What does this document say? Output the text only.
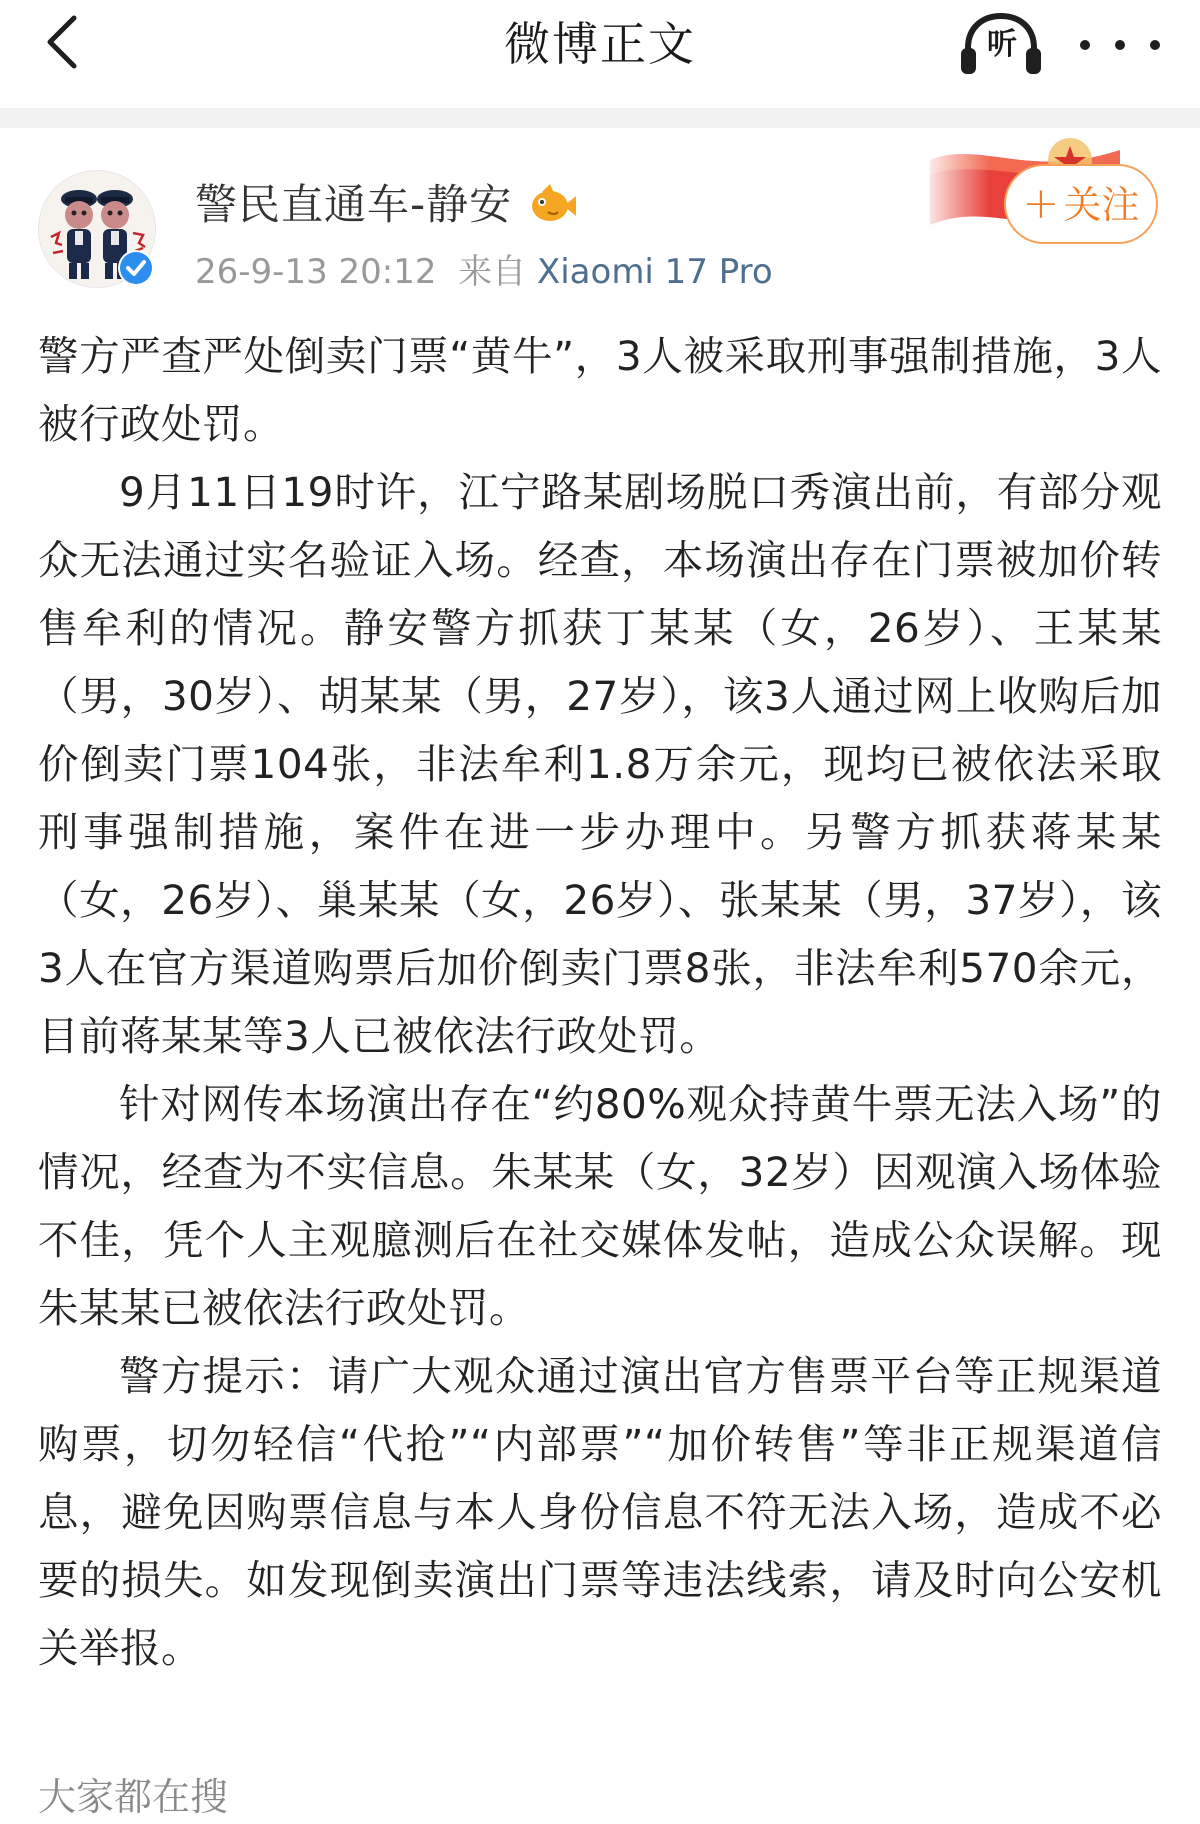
微博正文	听
警民直通车-静安
26-9-13 20:12 来自 Xiaomi 17 Pro
+ 关注

警方严查严处倒卖门票“黄牛”，3人被采取刑事强制措施，3人被行政处罚。

9月11日19时许，江宁路某剧场脱口秀演出前，有部分观众无法通过实名验证入场。经查，本场演出存在门票被加价转售牟利的情况。静安警方抓获丁某某（女，26岁）、王某某（男，30岁）、胡某某（男，27岁），该3人通过网上收购后加价倒卖门票104张，非法牟利1.8万余元，现均已被依法采取刑事强制措施，案件在进一步办理中。另警方抓获蒋某某（女，26岁）、巢某某（女，26岁）、张某某（男，37岁），该3人在官方渠道购票后加价倒卖门票8张，非法牟利570余元，目前蒋某某等3人已被依法行政处罚。

针对网传本场演出存在“约80%观众持黄牛票无法入场”的情况，经查为不实信息。朱某某（女，32岁）因观演入场体验不佳，凭个人主观臆测后在社交媒体发帖，造成公众误解。现朱某某已被依法行政处罚。

警方提示：请广大观众通过演出官方售票平台等正规渠道购票，切勿轻信“代抢”“内部票”“加价转售”等非正规渠道信息，避免因购票信息与本人身份信息不符无法入场，造成不必要的损失。如发现倒卖演出门票等违法线索，请及时向公安机关举报。

大家都在搜
